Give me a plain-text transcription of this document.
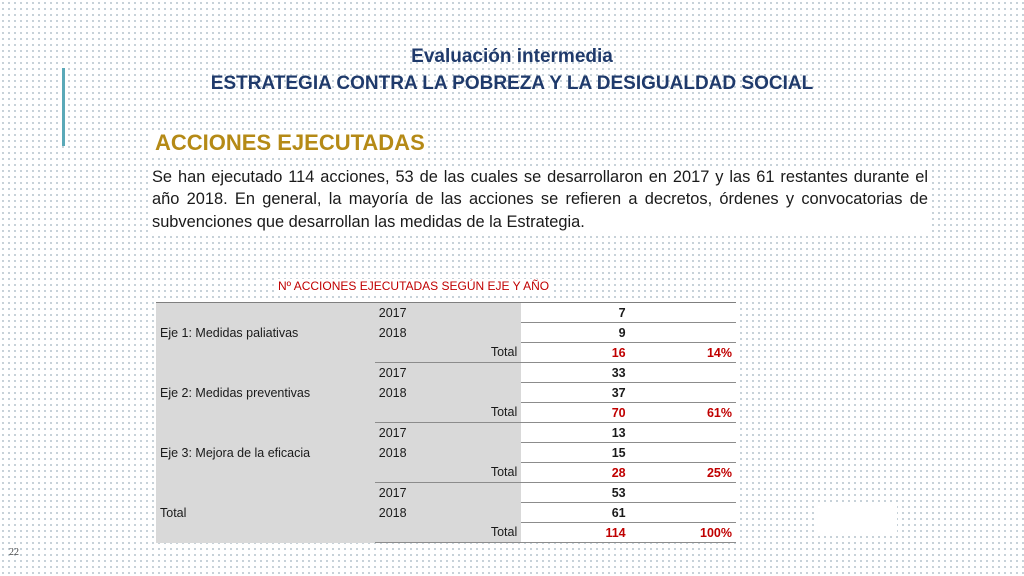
Evaluación intermedia
ESTRATEGIA CONTRA LA POBREZA Y LA DESIGUALDAD SOCIAL
ACCIONES EJECUTADAS
Se han ejecutado 114 acciones, 53 de las cuales se desarrollaron en 2017 y las 61 restantes durante el año 2018. En general, la mayoría de las acciones se refieren a decretos, órdenes y convocatorias de subvenciones que desarrollan las medidas de la Estrategia.
Nº ACCIONES EJECUTADAS SEGÚN EJE Y AÑO
Eje 1: Medidas paliativas	2017	7	
	2018	9	
	Total	16	14%
Eje 2: Medidas preventivas	2017	33	
	2018	37	
	Total	70	61%
Eje 3: Mejora de la eficacia	2017	13	
	2018	15	
	Total	28	25%
Total	2017	53	
	2018	61	
	Total	114	100%
22
